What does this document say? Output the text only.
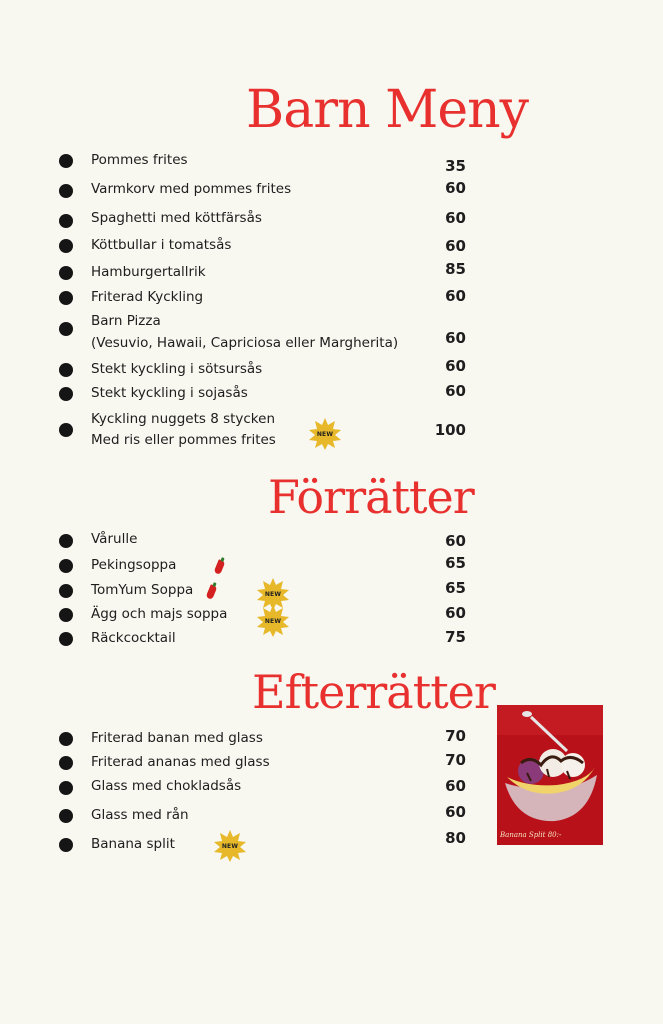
Barn Meny
Pommes frites	35
Varmkorv med pommes frites	60
Spaghetti med köttfärsås	60
Köttbullar i tomatsås	60
Hamburgertallrik	85
Friterad Kyckling	60
Barn Pizza
(Vesuvio, Hawaii, Capriciosa eller Margherita)	60
Stekt kyckling i sötsursås	60
Stekt kyckling i sojasås	60
Kyckling nuggets 8 stycken
Med ris eller pommes frites	NEW	100
Förrätter
Vårulle	60
Pekingsoppa	65
TomYum Soppa	NEW	65
Ägg och majs soppa	NEW	60
Räckcocktail	75
Efterrätter
Friterad banan med glass	70
Friterad ananas med glass	70
Glass med chokladsås	60
Glass med rån	60
Banana split	NEW	80	Banana Split 80:-
